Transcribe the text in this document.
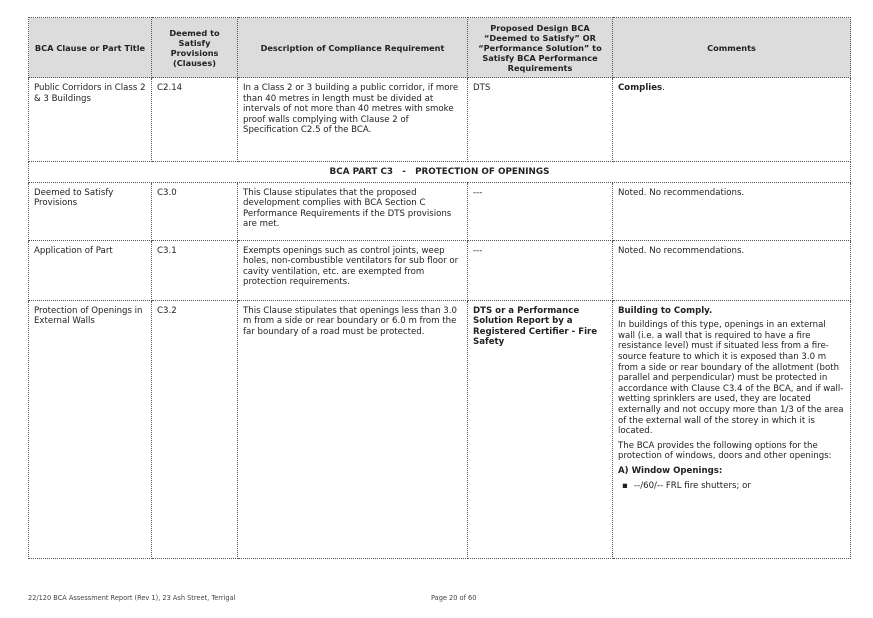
BCA Clause or Part Title	Deemed to Satisfy Provisions (Clauses)	Description of Compliance Requirement	Proposed Design BCA “Deemed to Satisfy” OR “Performance Solution” to Satisfy BCA Performance Requirements	Comments
Public Corridors in Class 2 & 3 Buildings	C2.14	In a Class 2 or 3 building a public corridor, if more than 40 metres in length must be divided at intervals of not more than 40 metres with smoke proof walls complying with Clause 2 of Specification C2.5 of the BCA.	DTS	Complies.
BCA PART C3   -   PROTECTION OF OPENINGS				
Deemed to Satisfy Provisions	C3.0	This Clause stipulates that the proposed development complies with BCA Section C Performance Requirements if the DTS provisions are met.	---	Noted. No recommendations.
Application of Part	C3.1	Exempts openings such as control joints, weep holes, non-combustible ventilators for sub floor or cavity ventilation, etc. are exempted from protection requirements.	---	Noted. No recommendations.
Protection of Openings in External Walls	C3.2	This Clause stipulates that openings less than 3.0 m from a side or rear boundary or 6.0 m from the far boundary of a road must be protected.	DTS or a Performance Solution Report by a Registered Certifier - Fire Safety	Building to Comply.

In buildings of this type, openings in an external wall (i.e. a wall that is required to have a fire resistance level) must if situated less from a fire-source feature to which it is exposed than 3.0 m from a side or rear boundary of the allotment (both parallel and perpendicular) must be protected in accordance with Clause C3.4 of the BCA, and if wall-wetting sprinklers are used, they are located externally and not occupy more than 1/3 of the area of the external wall of the storey in which it is located.

The BCA provides the following options for the protection of windows, doors and other openings:

A) Window Openings:

▪ --/60/-- FRL fire shutters; or

22/120 BCA Assessment Report (Rev 1), 23 Ash Street, Terrigal	Page 20 of 60
